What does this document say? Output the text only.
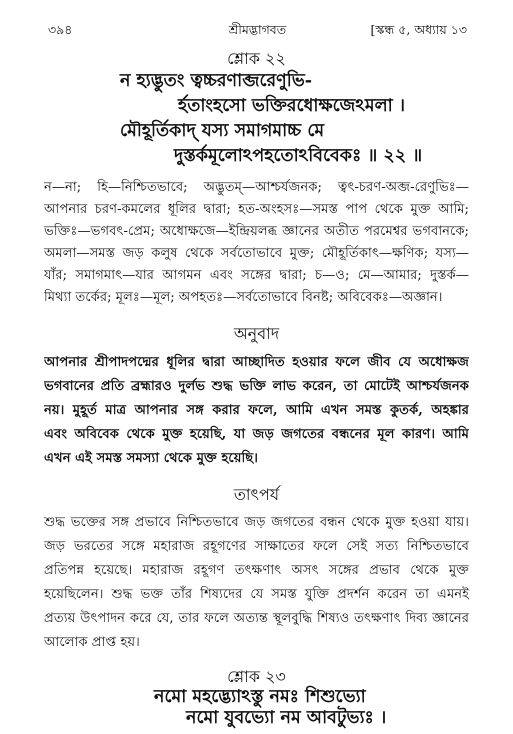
৩৯৪	শ্রীমদ্ভাগবত	[স্কন্ধ ৫, অধ্যায় ১৩
শ্লোক ২২
ন হ্যদ্ভুতং ত্বচ্চরণাব্জরেণুভি-
র্হতাংহসো ভক্তিরধোক্ষজেঽমলা ।
মৌহূর্তিকাদ্ যস্য সমাগমাচ্চ মে
দুস্তর্কমূলোঽপহতোঽবিবেকঃ ॥ ২২ ॥
ন—না; হি—নিশ্চিতভাবে; অদ্ভুতম্—আশ্চর্যজনক; ত্বৎ-চরণ-অব্জ-রেণুভিঃ—
আপনার চরণ-কমলের ধূলির দ্বারা; হত-অংহসঃ—সমস্ত পাপ থেকে মুক্ত আমি;
ভক্তিঃ—ভগবৎ-প্রেম; অধোক্ষজে—ইন্দ্রিয়লব্ধ জ্ঞানের অতীত পরমেশ্বর ভগবানকে;
অমলা—সমস্ত জড় কলুষ থেকে সর্বতোভাবে মুক্ত; মৌহূর্তিকাৎ—ক্ষণিক; যস্য—
যাঁর; সমাগমাৎ—যার আগমন এবং সঙ্গের দ্বারা; চ—ও; মে—আমার; দুস্তর্ক—
মিথ্যা তর্কের; মূলঃ—মূল; অপহতঃ—সর্বতোভাবে বিনষ্ট; অবিবেকঃ—অজ্ঞান।
অনুবাদ
আপনার শ্রীপাদপদ্মের ধূলির দ্বারা আচ্ছাদিত হওয়ার ফলে জীব যে অধোক্ষজ
ভগবানের প্রতি ব্রহ্মারও দুর্লভ শুদ্ধ ভক্তি লাভ করেন, তা মোটেই আশ্চর্যজনক
নয়। মুহূর্ত মাত্র আপনার সঙ্গ করার ফলে, আমি এখন সমস্ত কুতর্ক, অহঙ্কার
এবং অবিবেক থেকে মুক্ত হয়েছি, যা জড় জগতের বন্ধনের মূল কারণ। আমি
এখন এই সমস্ত সমস্যা থেকে মুক্ত হয়েছি।
তাৎপর্য
শুদ্ধ ভক্তের সঙ্গ প্রভাবে নিশ্চিতভাবে জড় জগতের বন্ধন থেকে মুক্ত হওয়া যায়।
জড় ভরতের সঙ্গে মহারাজ রহূগণের সাক্ষাতের ফলে সেই সত্য নিশ্চিতভাবে
প্রতিপন্ন হয়েছে। মহারাজ রহূগণ তৎক্ষণাৎ অসৎ সঙ্গের প্রভাব থেকে মুক্ত
হয়েছিলেন। শুদ্ধ ভক্ত তাঁর শিষ্যদের যে সমস্ত যুক্তি প্রদর্শন করেন তা এমনই
প্রত্যয় উৎপাদন করে যে, তার ফলে অত্যন্ত স্থূলবুদ্ধি শিষ্যও তৎক্ষণাৎ দিব্য জ্ঞানের
আলোক প্রাপ্ত হয়।
শ্লোক ২৩
নমো মহদ্ভ্যোঽস্তু নমঃ শিশুভ্যো
নমো যুবভ্যো নম আবটুভ্যঃ ।
